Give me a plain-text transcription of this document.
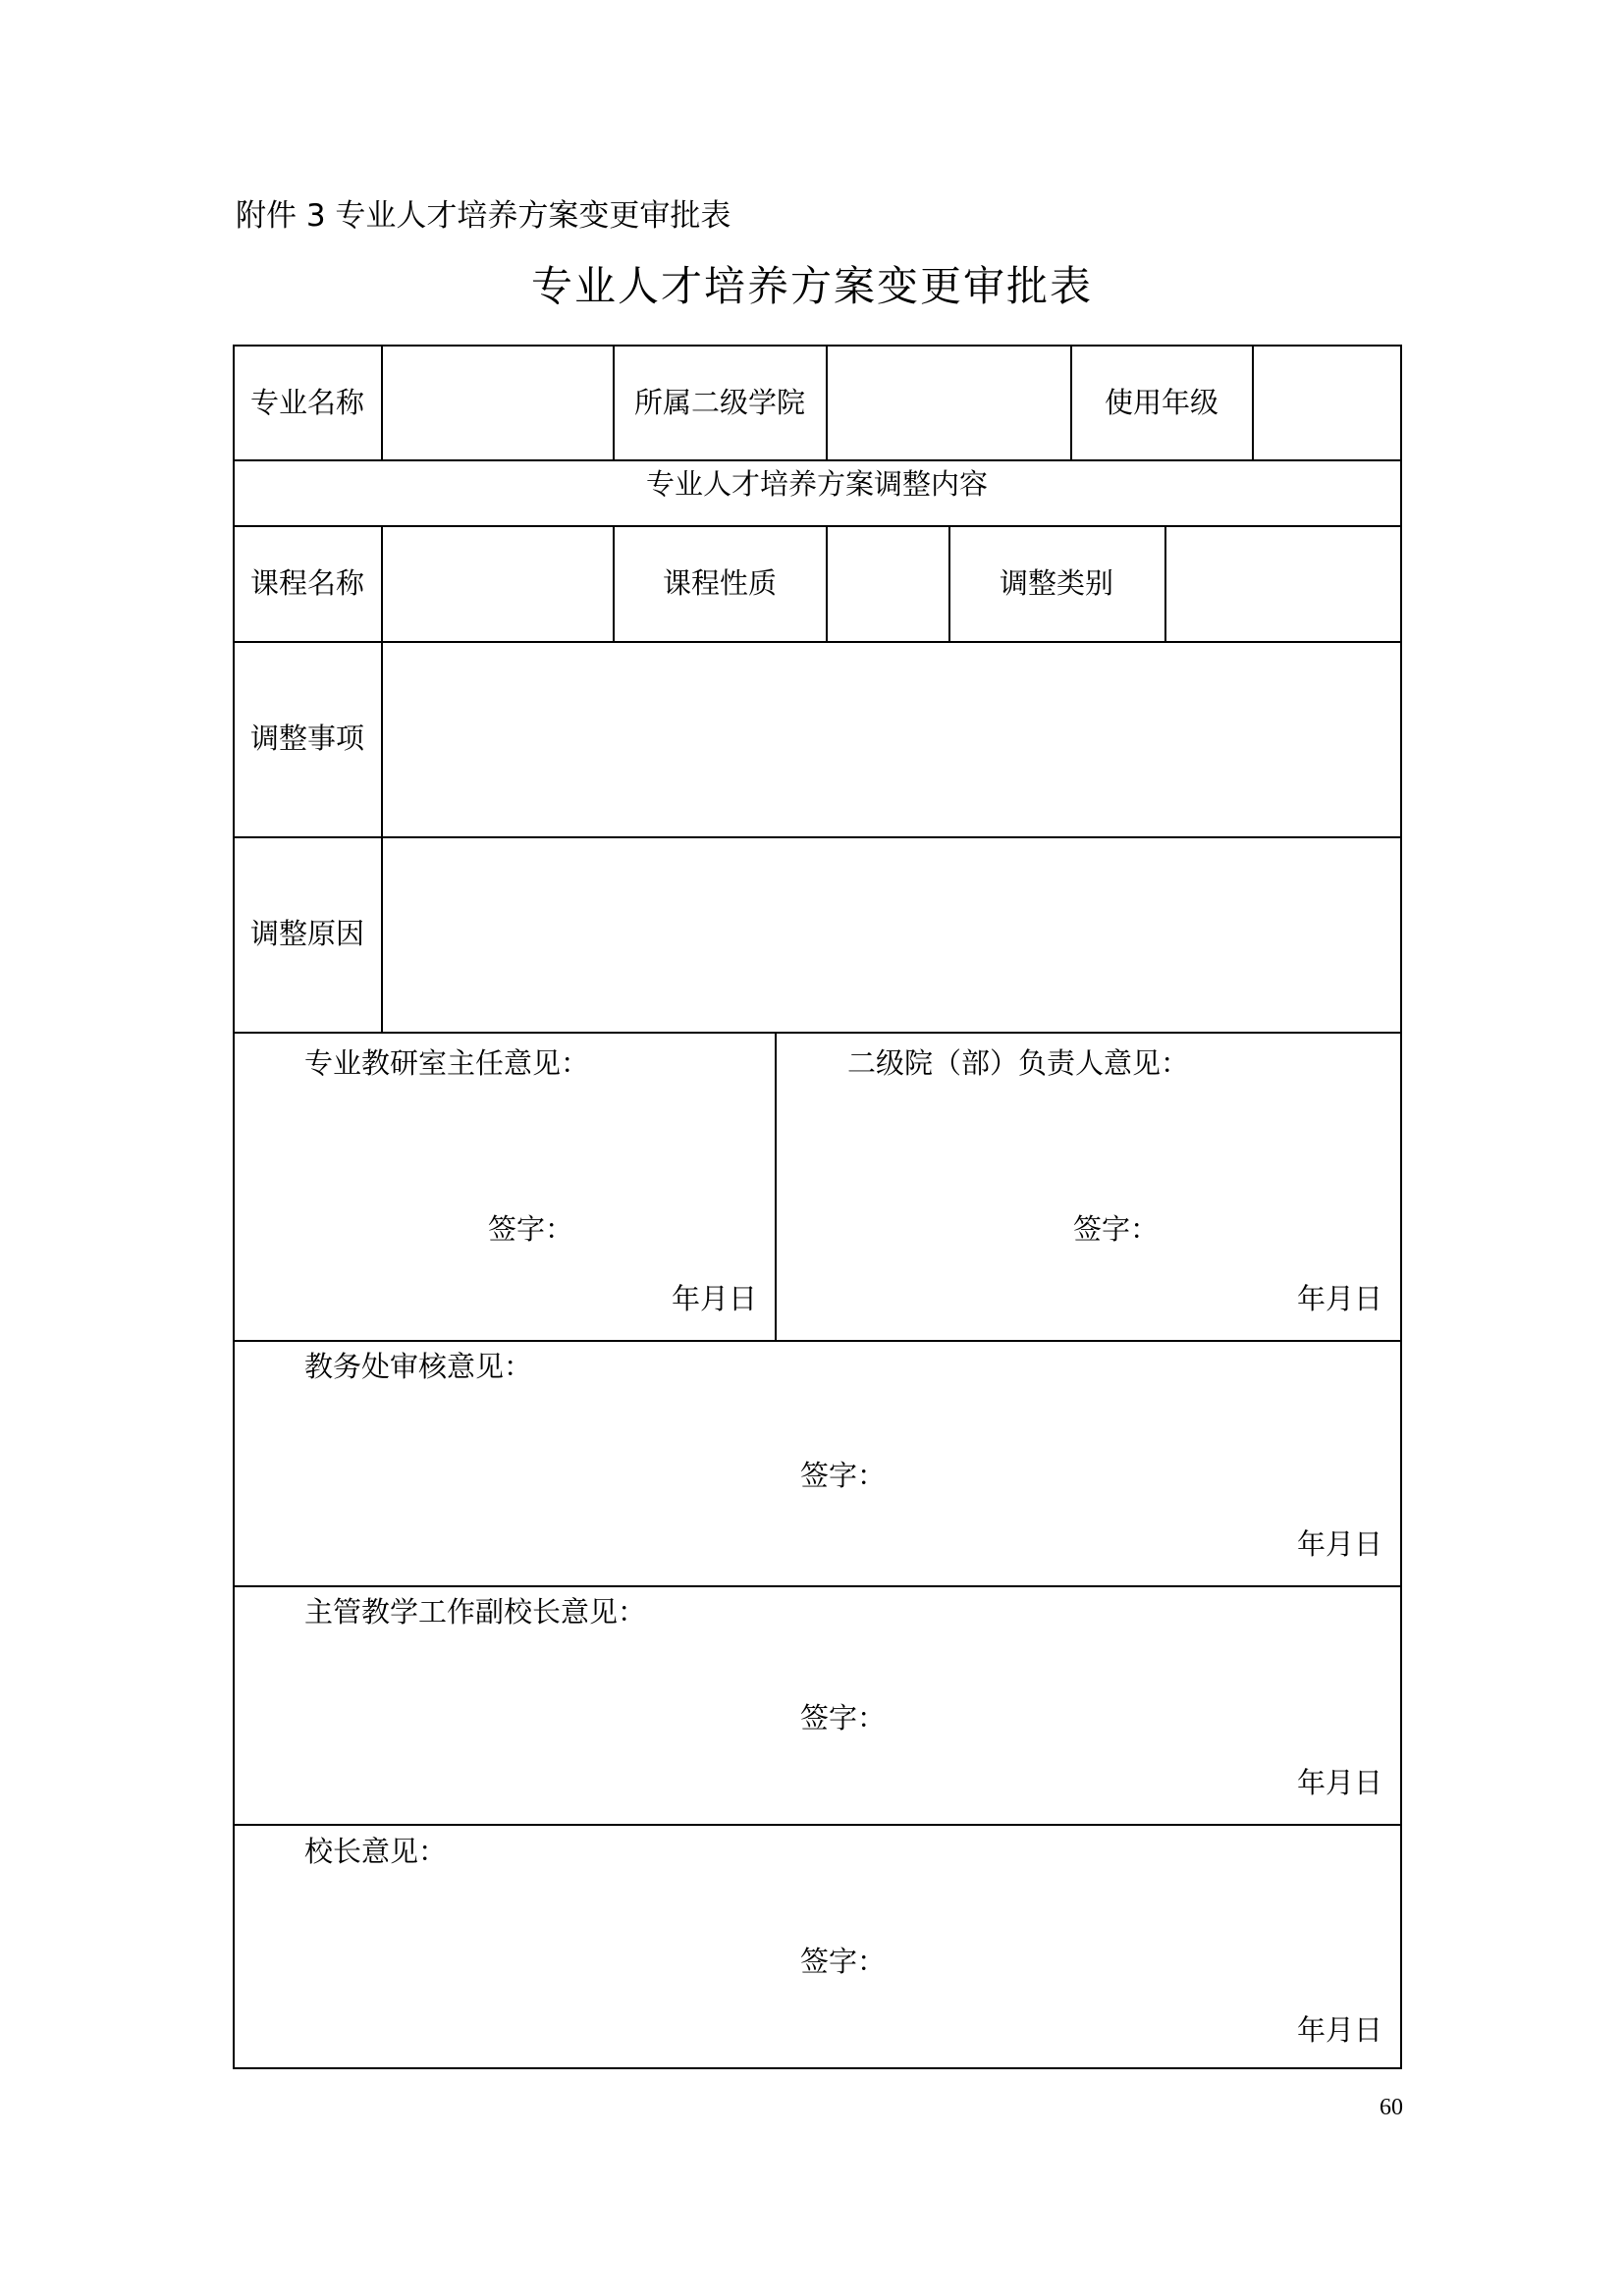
附件 3 专业人才培养方案变更审批表
专业人才培养方案变更审批表
专业名称	所属二级学院	使用年级
专业人才培养方案调整内容
课程名称	课程性质	调整类别
调整事项
调整原因
专业教研室主任意见：
签字：
年月日
二级院（部）负责人意见：
签字：
年月日
教务处审核意见：
签字：
年月日
主管教学工作副校长意见：
签字：
年月日
校长意见：
签字：
年月日
60
